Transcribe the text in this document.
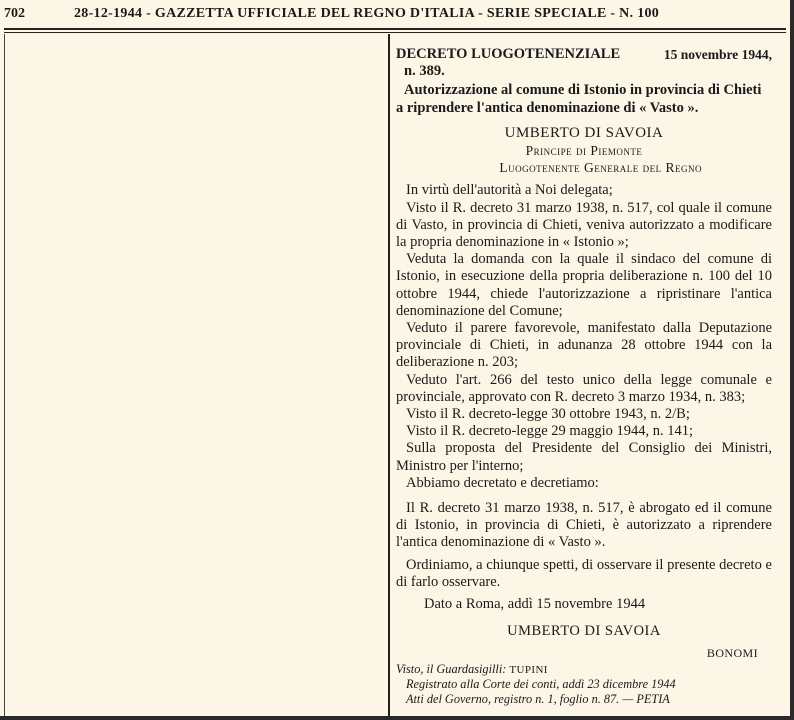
702	28-12-1944 - GAZZETTA UFFICIALE DEL REGNO D'ITALIA - SERIE SPECIALE - N. 100

DECRETO LUOGOTENENZIALE	15 novembre 1944,

n. 389.

Autorizzazione al comune di Istonio in provincia di Chieti a riprendere l'antica denominazione di « Vasto ».

UMBERTO DI SAVOIA

Principe di Piemonte

Luogotenente Generale del Regno

In virtù dell'autorità a Noi delegata;

Visto il R. decreto 31 marzo 1938, n. 517, col quale il comune di Vasto, in provincia di Chieti, veniva autorizzato a modificare la propria denominazione in « Istonio »;

Veduta la domanda con la quale il sindaco del comune di Istonio, in esecuzione della propria deliberazione n. 100 del 10 ottobre 1944, chiede l'autorizzazione a ripristinare l'antica denominazione del Comune;

Veduto il parere favorevole, manifestato dalla Deputazione provinciale di Chieti, in adunanza 28 ottobre 1944 con la deliberazione n. 203;

Veduto l'art. 266 del testo unico della legge comunale e provinciale, approvato con R. decreto 3 marzo 1934, n. 383;

Visto il R. decreto-legge 30 ottobre 1943, n. 2/B;

Visto il R. decreto-legge 29 maggio 1944, n. 141;

Sulla proposta del Presidente del Consiglio dei Ministri, Ministro per l'interno;

Abbiamo decretato e decretiamo:

Il R. decreto 31 marzo 1938, n. 517, è abrogato ed il comune di Istonio, in provincia di Chieti, è autorizzato a riprendere l'antica denominazione di « Vasto ».

Ordiniamo, a chiunque spetti, di osservare il presente decreto e di farlo osservare.

Dato a Roma, addì 15 novembre 1944

UMBERTO DI SAVOIA

BONOMI

Visto, il Guardasigilli: TUPINI

Registrato alla Corte dei conti, addì 23 dicembre 1944

Atti del Governo, registro n. 1, foglio n. 87. — PETIA
